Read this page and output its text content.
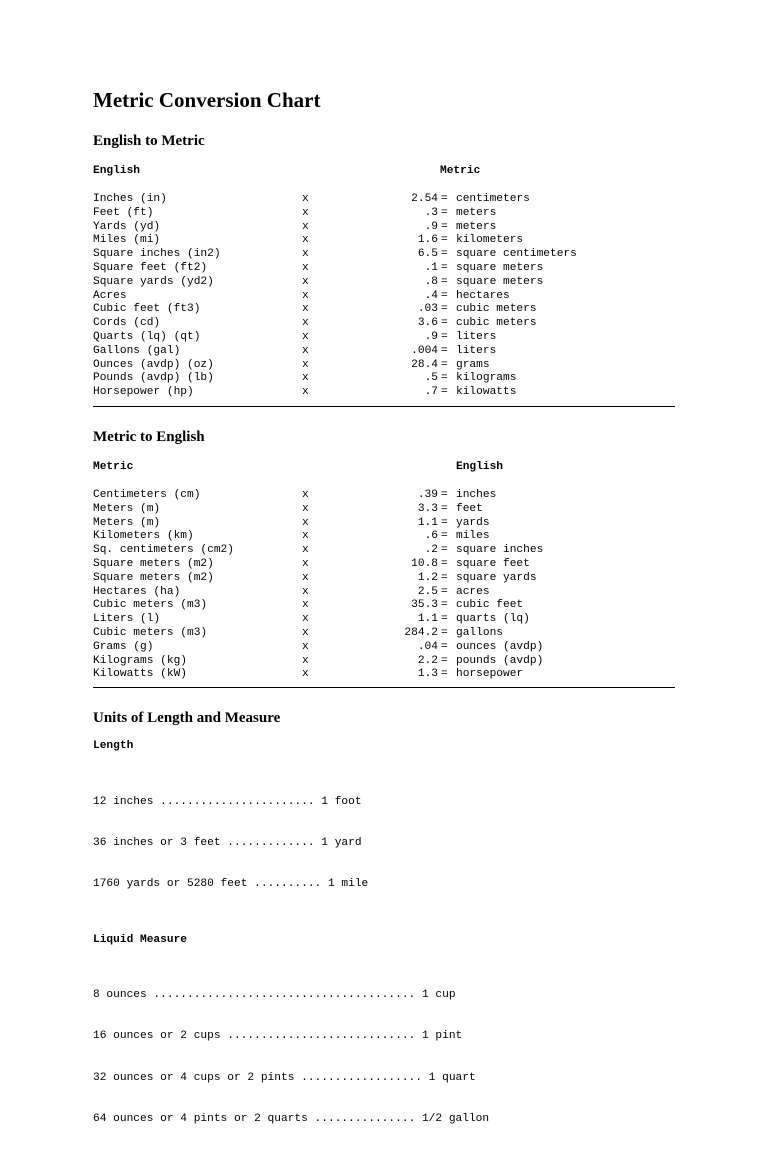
Metric Conversion Chart
English to Metric

English

	Metric

Inches (in)	x	2.54 = centimeters
Feet (ft)	x	.3 = meters
Yards (yd)	x	.9 = meters
Miles (mi)	x	1.6 = kilometers
Square inches (in2)	x	6.5 = square centimeters
Square feet (ft2)	x	.1 = square meters
Square yards (yd2)	x	.8 = square meters
Acres	x	.4 = hectares
Cubic feet (ft3)	x	.03 = cubic meters
Cords (cd)	x	3.6 = cubic meters
Quarts (lq) (qt)	x	.9 = liters
Gallons (gal)	x	.004 = liters
Ounces (avdp) (oz)	x	28.4 = grams
Pounds (avdp) (lb)	x	.5 = kilograms
Horsepower (hp)	x	.7 = kilowatts
Metric to English

Metric

	English

Centimeters (cm)	x	.39 = inches
Meters (m)	x	3.3 = feet
Meters (m)	x	1.1 = yards
Kilometers (km)	x	.6 = miles
Sq. centimeters (cm2)	x	.2 = square inches
Square meters (m2)	x	10.8 = square feet
Square meters (m2)	x	1.2 = square yards
Hectares (ha)	x	2.5 = acres
Cubic meters (m3)	x	35.3 = cubic feet
Liters (l)	x	1.1 = quarts (lq)
Cubic meters (m3)	x	284.2 = gallons
Grams (g)	x	.04 = ounces (avdp)
Kilograms (kg)	x	2.2 = pounds (avdp)
Kilowatts (kW)	x	1.3 = horsepower
Units of Length and Measure
Length

12 inches ....................... 1 foot

36 inches or 3 feet ............. 1 yard

1760 yards or 5280 feet .......... 1 mile

Liquid Measure

8 ounces ....................................... 1 cup

16 ounces or 2 cups ............................ 1 pint

32 ounces or 4 cups or 2 pints .................. 1 quart

64 ounces or 4 pints or 2 quarts ............... 1/2 gallon
